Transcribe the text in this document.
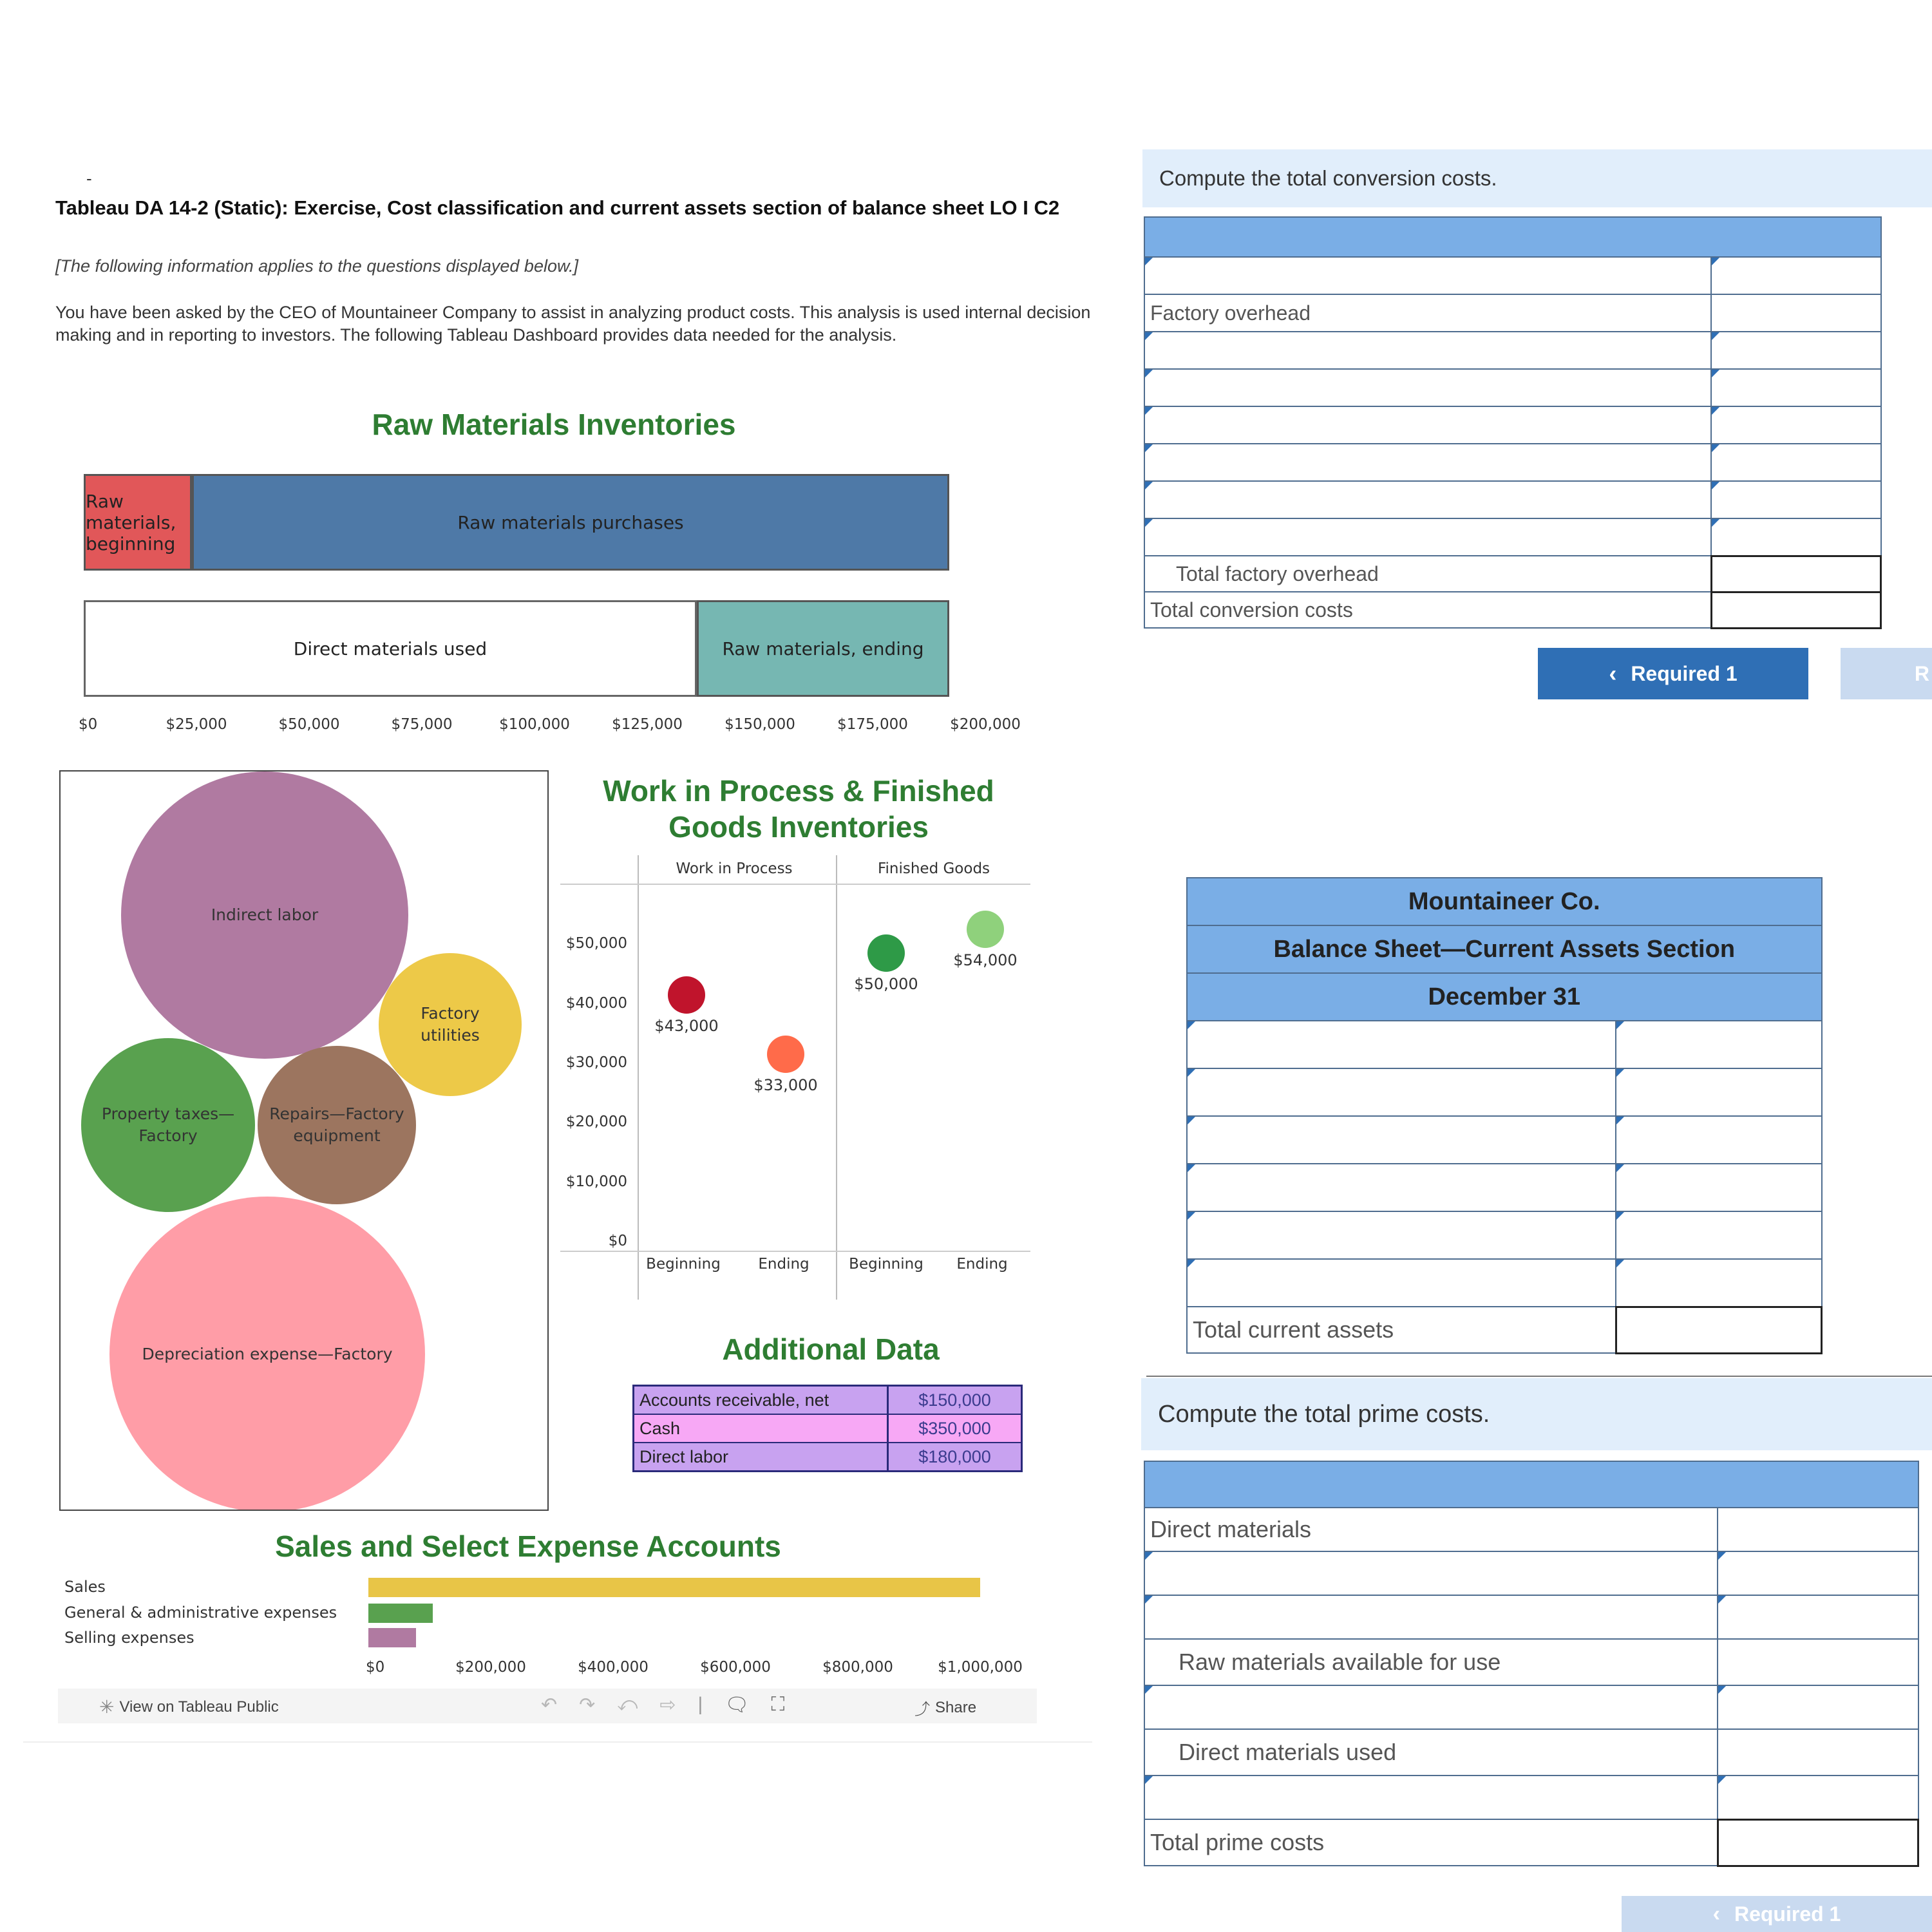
-
Tableau DA 14-2 (Static): Exercise, Cost classification and current assets section of balance sheet LO I C2
[The following information applies to the questions displayed below.]
You have been asked by the CEO of Mountaineer Company to assist in analyzing product costs. This analysis is used internal decision making and in reporting to investors. The following Tableau Dashboard provides data needed for the analysis.
Raw Materials Inventories
Raw materials, beginning
Raw materials purchases
Direct materials used	Raw materials, ending
$0	$25,000	$50,000	$75,000	$100,000	$125,000	$150,000	$175,000	$200,000
Indirect labor
Factory utilities
Property taxes—Factory
Repairs—Factory equipment
Depreciation expense—Factory
Work in Process & Finished
Goods Inventories
Work in Process	Finished Goods
$0
$10,000
$20,000
$30,000
$40,000
$50,000
$43,000
$33,000
$50,000
$54,000
Beginning	Ending	Beginning	Ending
Additional Data
Accounts receivable, net	$150,000
Cash	$350,000
Direct labor	$180,000
Sales and Select Expense Accounts
Sales
General & administrative expenses
Selling expenses
$0	$200,000	$400,000	$600,000	$800,000	$1,000,000
✳ View on Tableau Public	↶ ↷ ⤺ ⇨ | 🗨 ⛶	⤴ Share
Compute the total conversion costs.

Factory overhead	

Total factory overhead	
Total conversion costs	
‹ Required 1	R
Mountaineer Co.	
Balance Sheet—Current Assets Section	
December 31	

Total current assets	
Compute the total prime costs.

Direct materials	

Raw materials available for use	

Direct materials used	

Total prime costs	
‹ Required 1
